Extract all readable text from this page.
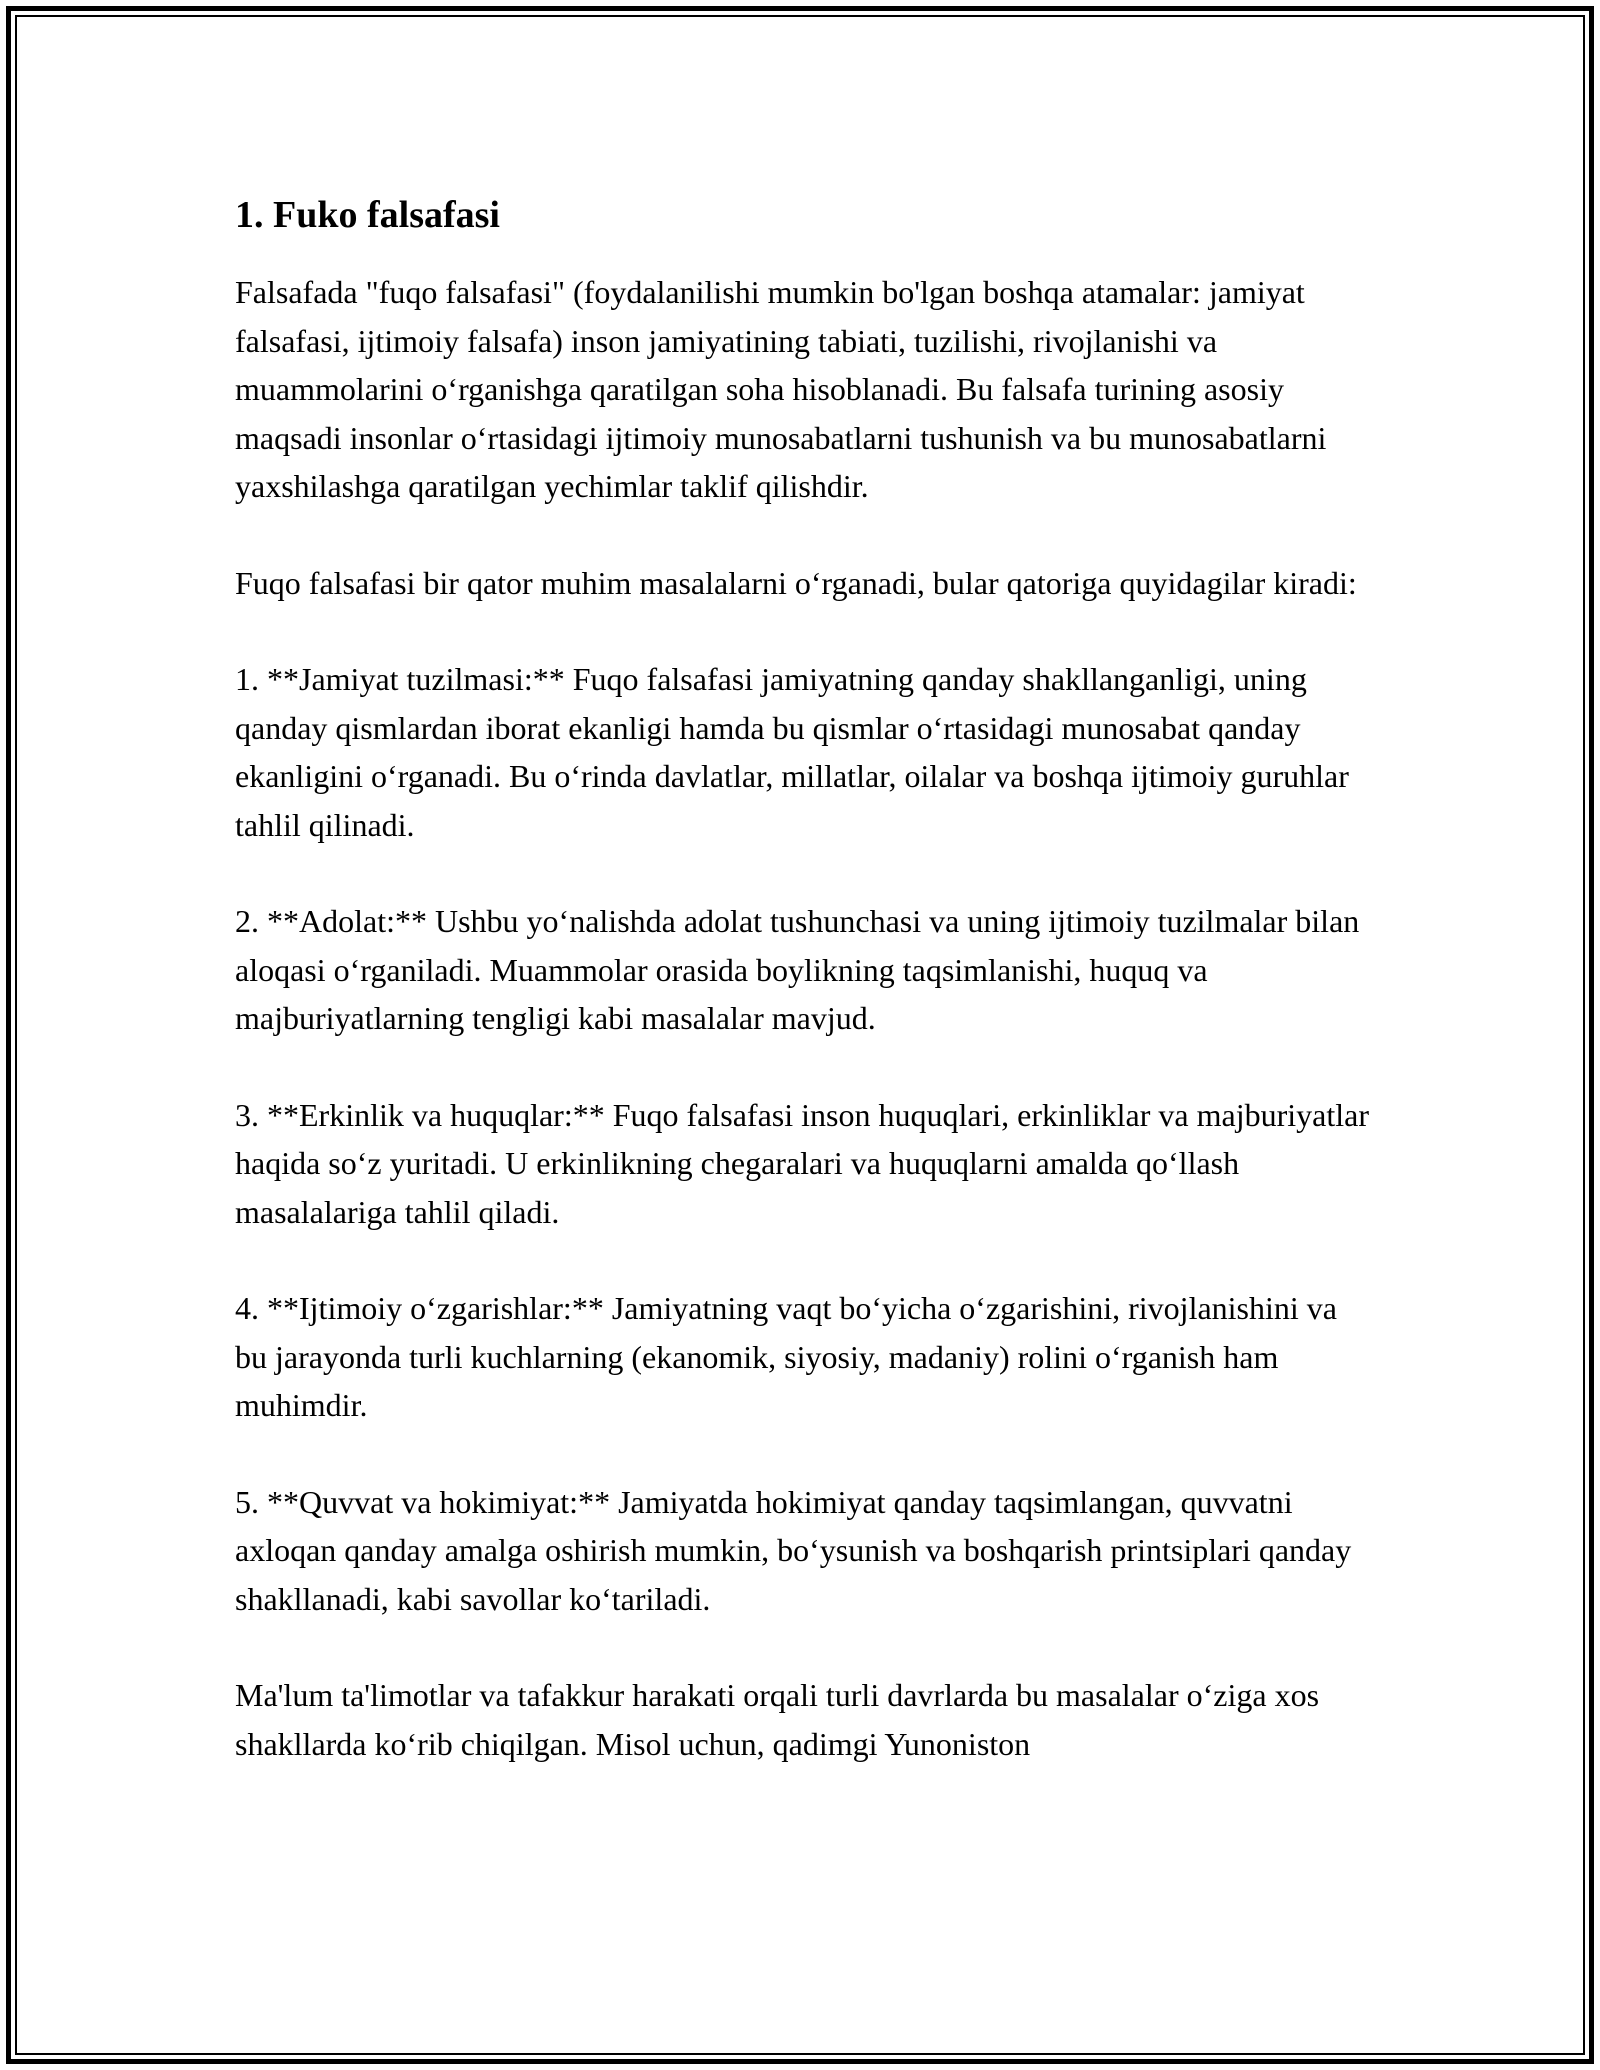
1. Fuko falsafasi

Falsafada "fuqo falsafasi" (foydalanilishi mumkin bo'lgan boshqa atamalar: jamiyat falsafasi, ijtimoiy falsafa) inson jamiyatining tabiati, tuzilishi, rivojlanishi va muammolarini o‘rganishga qaratilgan soha hisoblanadi. Bu falsafa turining asosiy maqsadi insonlar o‘rtasidagi ijtimoiy munosabatlarni tushunish va bu munosabatlarni yaxshilashga qaratilgan yechimlar taklif qilishdir.

Fuqo falsafasi bir qator muhim masalalarni o‘rganadi, bular qatoriga quyidagilar kiradi:

1. **Jamiyat tuzilmasi:** Fuqo falsafasi jamiyatning qanday shakllanganligi, uning qanday qismlardan iborat ekanligi hamda bu qismlar o‘rtasidagi munosabat qanday ekanligini o‘rganadi. Bu o‘rinda davlatlar, millatlar, oilalar va boshqa ijtimoiy guruhlar tahlil qilinadi.

2. **Adolat:** Ushbu yo‘nalishda adolat tushunchasi va uning ijtimoiy tuzilmalar bilan aloqasi o‘rganiladi. Muammolar orasida boylikning taqsimlanishi, huquq va majburiyatlarning tengligi kabi masalalar mavjud.

3. **Erkinlik va huquqlar:** Fuqo falsafasi inson huquqlari, erkinliklar va majburiyatlar haqida so‘z yuritadi. U erkinlikning chegaralari va huquqlarni amalda qo‘llash masalalariga tahlil qiladi.

4. **Ijtimoiy o‘zgarishlar:** Jamiyatning vaqt bo‘yicha o‘zgarishini, rivojlanishini va bu jarayonda turli kuchlarning (ekanomik, siyosiy, madaniy) rolini o‘rganish ham muhimdir.

5. **Quvvat va hokimiyat:** Jamiyatda hokimiyat qanday taqsimlangan, quvvatni axloqan qanday amalga oshirish mumkin, bo‘ysunish va boshqarish printsiplari qanday shakllanadi, kabi savollar ko‘tariladi.

Ma'lum ta'limotlar va tafakkur harakati orqali turli davrlarda bu masalalar o‘ziga xos shakllarda ko‘rib chiqilgan. Misol uchun, qadimgi Yunoniston
